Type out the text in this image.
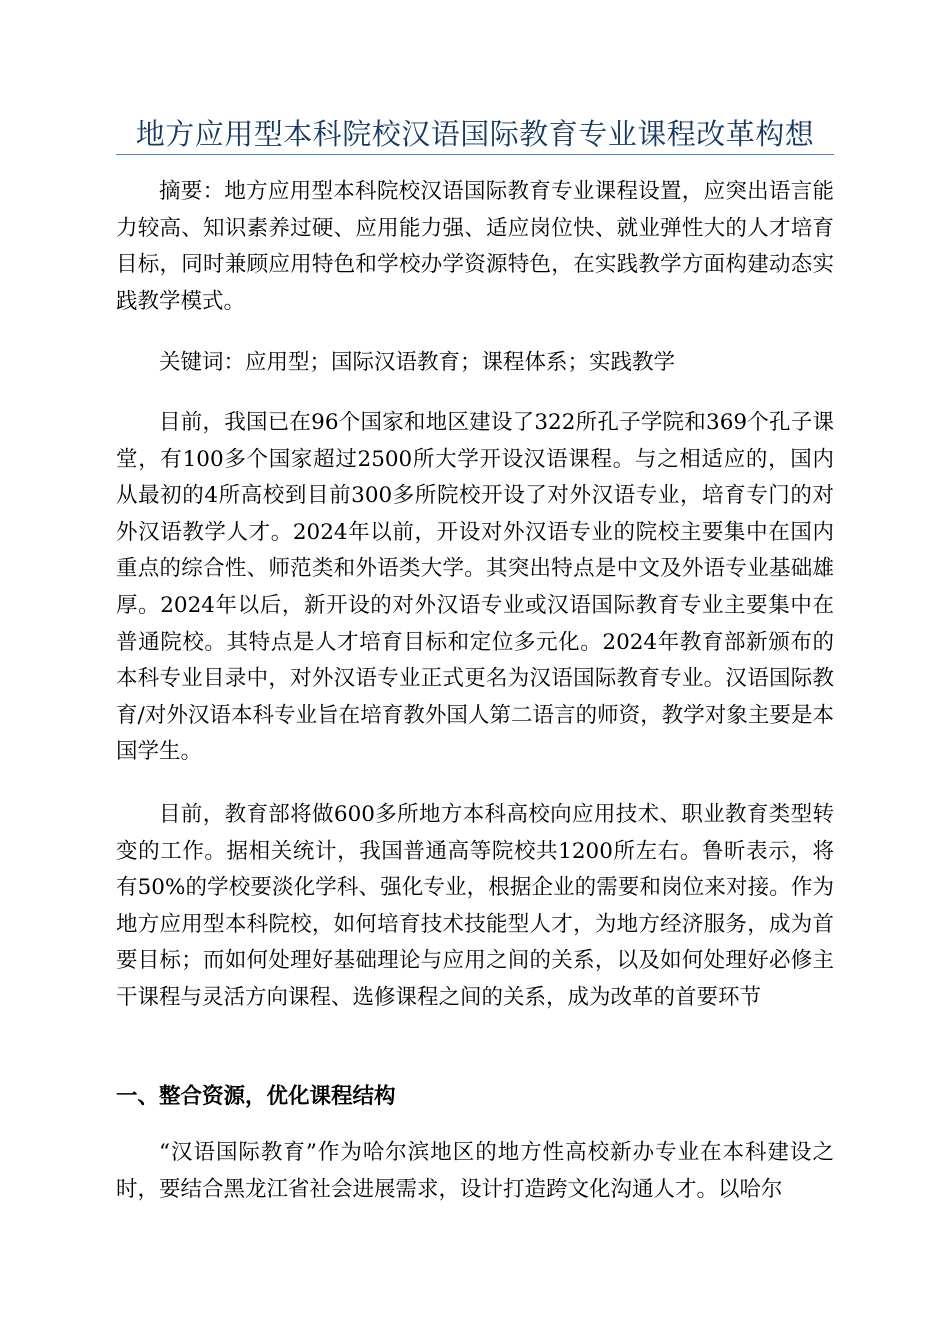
地方应用型本科院校汉语国际教育专业课程改革构想

摘要：地方应用型本科院校汉语国际教育专业课程设置，应突出语言能力较高、知识素养过硬、应用能力强、适应岗位快、就业弹性大的人才培育目标，同时兼顾应用特色和学校办学资源特色，在实践教学方面构建动态实践教学模式。

关键词：应用型；国际汉语教育；课程体系；实践教学

目前，我国已在96个国家和地区建设了322所孔子学院和369个孔子课堂，有100多个国家超过2500所大学开设汉语课程。与之相适应的，国内从最初的4所高校到目前300多所院校开设了对外汉语专业，培育专门的对外汉语教学人才。2024年以前，开设对外汉语专业的院校主要集中在国内重点的综合性、师范类和外语类大学。其突出特点是中文及外语专业基础雄厚。2024年以后，新开设的对外汉语专业或汉语国际教育专业主要集中在普通院校。其特点是人才培育目标和定位多元化。2024年教育部新颁布的本科专业目录中，对外汉语专业正式更名为汉语国际教育专业。汉语国际教育/对外汉语本科专业旨在培育教外国人第二语言的师资，教学对象主要是本国学生。

目前，教育部将做600多所地方本科高校向应用技术、职业教育类型转变的工作。据相关统计，我国普通高等院校共1200所左右。鲁昕表示，将有50%的学校要淡化学科、强化专业，根据企业的需要和岗位来对接。作为地方应用型本科院校，如何培育技术技能型人才，为地方经济服务，成为首要目标；而如何处理好基础理论与应用之间的关系，以及如何处理好必修主干课程与灵活方向课程、选修课程之间的关系，成为改革的首要环节

一、整合资源，优化课程结构

“汉语国际教育”作为哈尔滨地区的地方性高校新办专业在本科建设之时，要结合黑龙江省社会进展需求，设计打造跨文化沟通人才。以哈尔
